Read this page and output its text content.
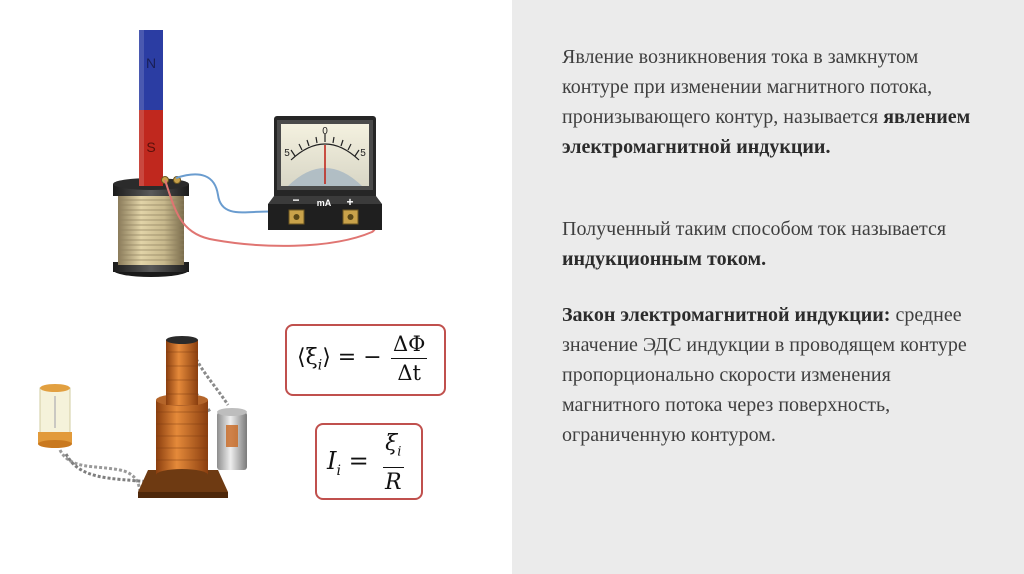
N
S
0
5	5
− mA +
Явление возникновения тока в замкнутом контуре при изменении магнитного потока, пронизывающего контур, называется явлением электромагнитной индукции.
Полученный таким способом ток называется индукционным током.
Закон электромагнитной индукции: среднее значение ЭДС индукции в проводящем контуре пропорционально скорости изменения магнитного потока через поверхность, ограниченную контуром.
$⟨\xi_i⟩$ = − $\frac{\Delta\Phi}{\Delta t}$
$I_i = \frac{\xi_i}{R}$
